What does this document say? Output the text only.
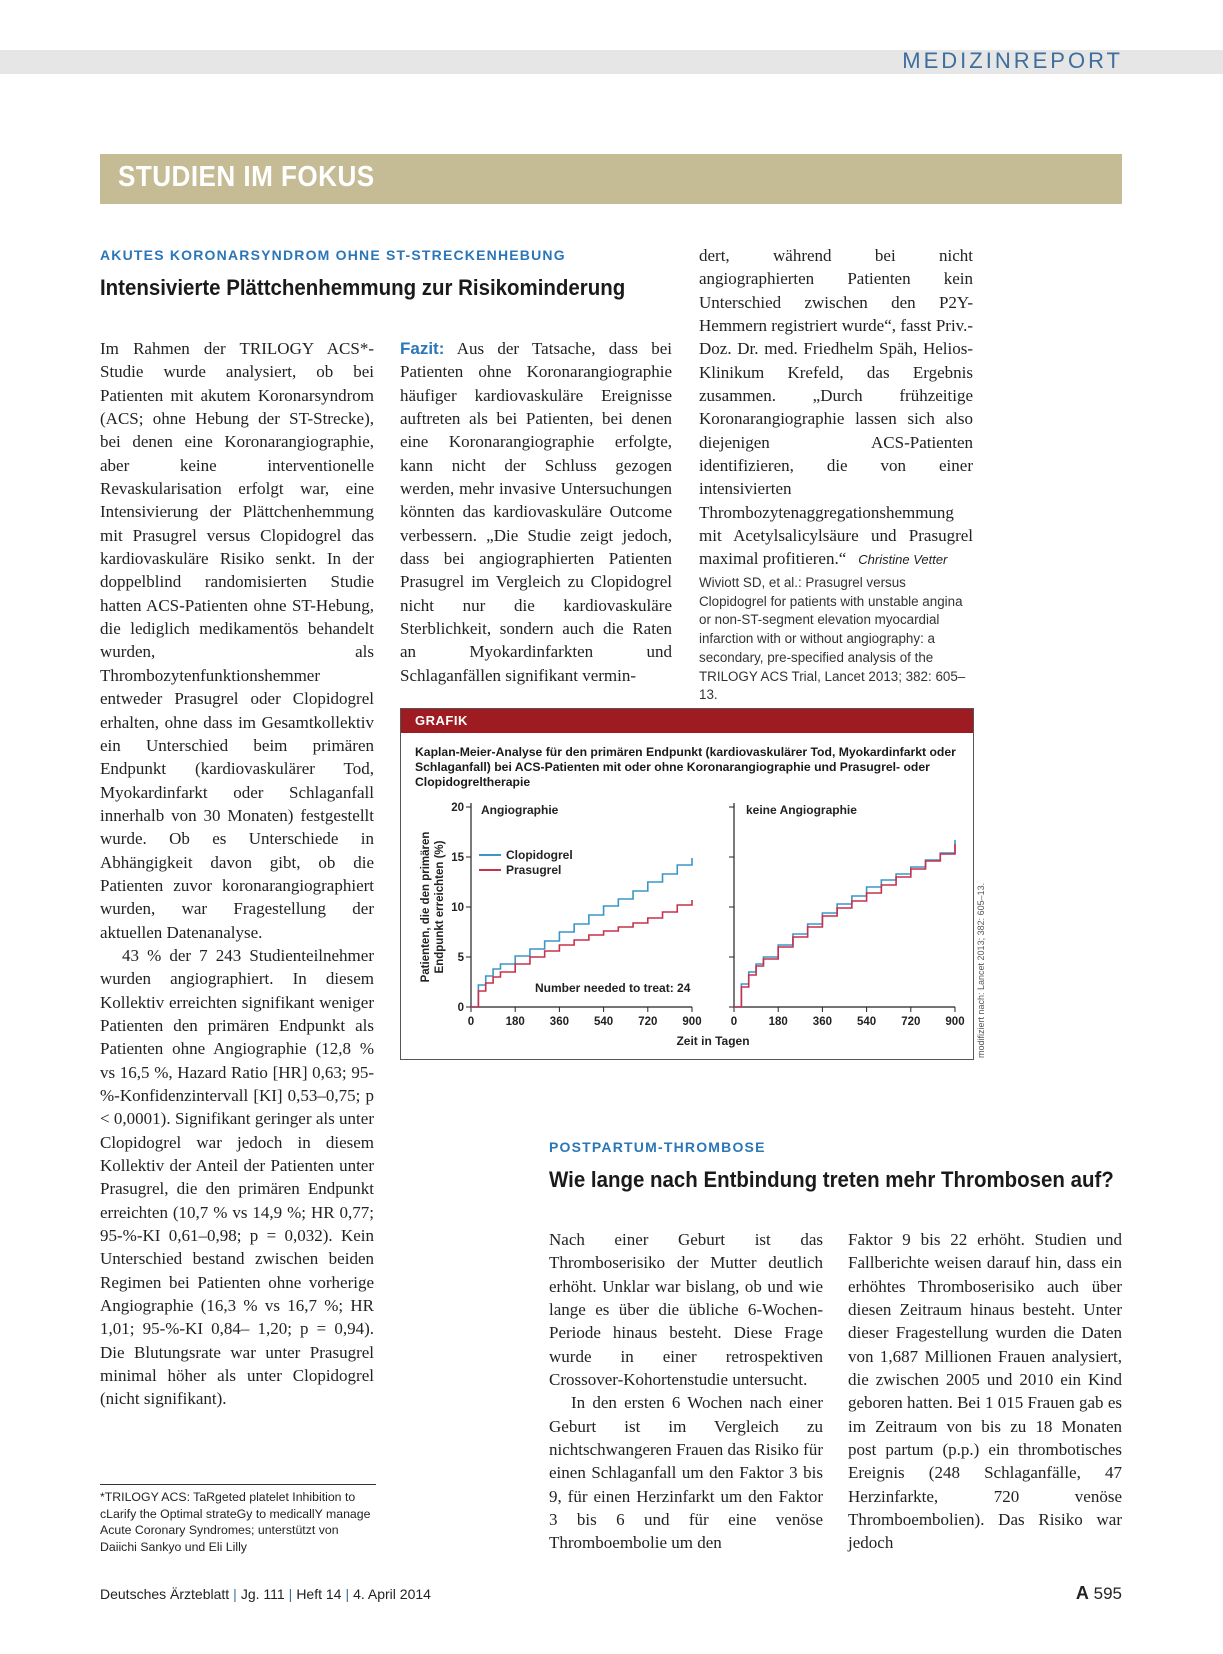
MEDIZINREPORT
STUDIEN IM FOKUS
AKUTES KORONARSYNDROM OHNE ST-STRECKENHEBUNG
Intensivierte Plättchenhemmung zur Risikominderung

Im Rahmen der TRILOGY ACS*-Studie wurde analysiert, ob bei Patienten mit akutem Koronarsyndrom (ACS; ohne Hebung der ST-Strecke), bei denen eine Koronarangiographie, aber keine interventionelle Revaskularisation erfolgt war, eine Intensivierung der Plättchenhemmung mit Prasugrel versus Clopidogrel das kardiovaskuläre Risiko senkt. In der doppelblind randomisierten Studie hatten ACS-Patienten ohne ST-Hebung, die lediglich medikamentös behandelt wurden, als Thrombozytenfunktionshemmer entweder Prasugrel oder Clopidogrel erhalten, ohne dass im Gesamtkollektiv ein Unterschied beim primären Endpunkt (kardiovaskulärer Tod, Myokardinfarkt oder Schlaganfall innerhalb von 30 Monaten) festgestellt wurde. Ob es Unterschiede in Abhängigkeit davon gibt, ob die Patienten zuvor koronarangiographiert wurden, war Fragestellung der aktuellen Datenanalyse.

43 % der 7 243 Studienteilnehmer wurden angiographiert. In diesem Kollektiv erreichten signifikant weniger Patienten den primären Endpunkt als Patienten ohne Angiographie (12,8 % vs 16,5 %, Hazard Ratio [HR] 0,63; 95-%-Konfidenzintervall [KI] 0,53–0,75; p < 0,0001). Signifikant geringer als unter Clopidogrel war jedoch in diesem Kollektiv der Anteil der Patienten unter Prasugrel, die den primären Endpunkt erreichten (10,7 % vs 14,9 %; HR 0,77; 95-%-KI 0,61–0,98; p = 0,032). Kein Unterschied bestand zwischen beiden Regimen bei Patienten ohne vorherige Angiographie (16,3 % vs 16,7 %; HR 1,01; 95-%-KI 0,84– 1,20; p = 0,94). Die Blutungsrate war unter Prasugrel minimal höher als unter Clopidogrel (nicht signifikant).

Fazit: Aus der Tatsache, dass bei Patienten ohne Koronarangiographie häufiger kardiovaskuläre Ereignisse auftreten als bei Patienten, bei denen eine Koronarangiographie erfolgte, kann nicht der Schluss gezogen werden, mehr invasive Untersuchungen könnten das kardiovaskuläre Outcome verbessern. „Die Studie zeigt jedoch, dass bei angiographierten Patienten Prasugrel im Vergleich zu Clopidogrel nicht nur die kardiovaskuläre Sterblichkeit, sondern auch die Raten an Myokardinfarkten und Schlaganfällen signifikant vermin-

dert, während bei nicht angiographierten Patienten kein Unterschied zwischen den P2Y-Hemmern registriert wurde“, fasst Priv.-Doz. Dr. med. Friedhelm Späh, Helios-Klinikum Krefeld, das Ergebnis zusammen. „Durch frühzeitige Koronarangiographie lassen sich also diejenigen ACS-Patienten identifizieren, die von einer intensivierten Thrombozytenaggregationshemmung mit Acetylsalicylsäure und Prasugrel maximal profitieren.“ Christine Vetter

Wiviott SD, et al.: Prasugrel versus Clopidogrel for patients with unstable angina or non-ST-segment elevation myocardial infarction with or without angiography: a secondary, pre-specified analysis of the TRILOGY ACS Trial, Lancet 2013; 382: 605–13.
*TRILOGY ACS: TaRgeted platelet Inhibition to cLarify the Optimal strateGy to medicallY manage Acute Coronary Syndromes; unterstützt von Daiichi Sankyo und Eli Lilly
GRAFIK
Kaplan-Meier-Analyse für den primären Endpunkt (kardiovaskulärer Tod, Myokardinfarkt oder Schlaganfall) bei ACS-Patienten mit oder ohne Koronarangiographie und Prasugrel- oder Clopidogreltherapie
0
5
10
15
20
0	180 360 540 720 900
Angiographie
0	180 360 540 720 900
keine Angiographie
Clopidogrel
Prasugrel
Number needed to treat: 24
Zeit in Tagen
Patienten, die den primären Endpunkt erreichten (%)	modifiziert nach: Lancet 2013; 382: 605–13.
POSTPARTUM-THROMBOSE
Wie lange nach Entbindung treten mehr Thrombosen auf?

Nach einer Geburt ist das Thromboserisiko der Mutter deutlich erhöht. Unklar war bislang, ob und wie lange es über die übliche 6-Wochen-Periode hinaus besteht. Diese Frage wurde in einer retrospektiven Crossover-Kohortenstudie untersucht.

In den ersten 6 Wochen nach einer Geburt ist im Vergleich zu nichtschwangeren Frauen das Risiko für einen Schlaganfall um den Faktor 3 bis 9, für einen Herzinfarkt um den Faktor 3 bis 6 und für eine venöse Thromboembolie um den

Faktor 9 bis 22 erhöht. Studien und Fallberichte weisen darauf hin, dass ein erhöhtes Thromboserisiko auch über diesen Zeitraum hinaus besteht. Unter dieser Fragestellung wurden die Daten von 1,687 Millionen Frauen analysiert, die zwischen 2005 und 2010 ein Kind geboren hatten. Bei 1 015 Frauen gab es im Zeitraum von bis zu 18 Monaten post partum (p.p.) ein thrombotisches Ereignis (248 Schlaganfälle, 47 Herzinfarkte, 720 venöse Thromboembolien). Das Risiko war jedoch

Deutsches Ärzteblatt | Jg. 111 | Heft 14 | 4. April 2014	A 595
